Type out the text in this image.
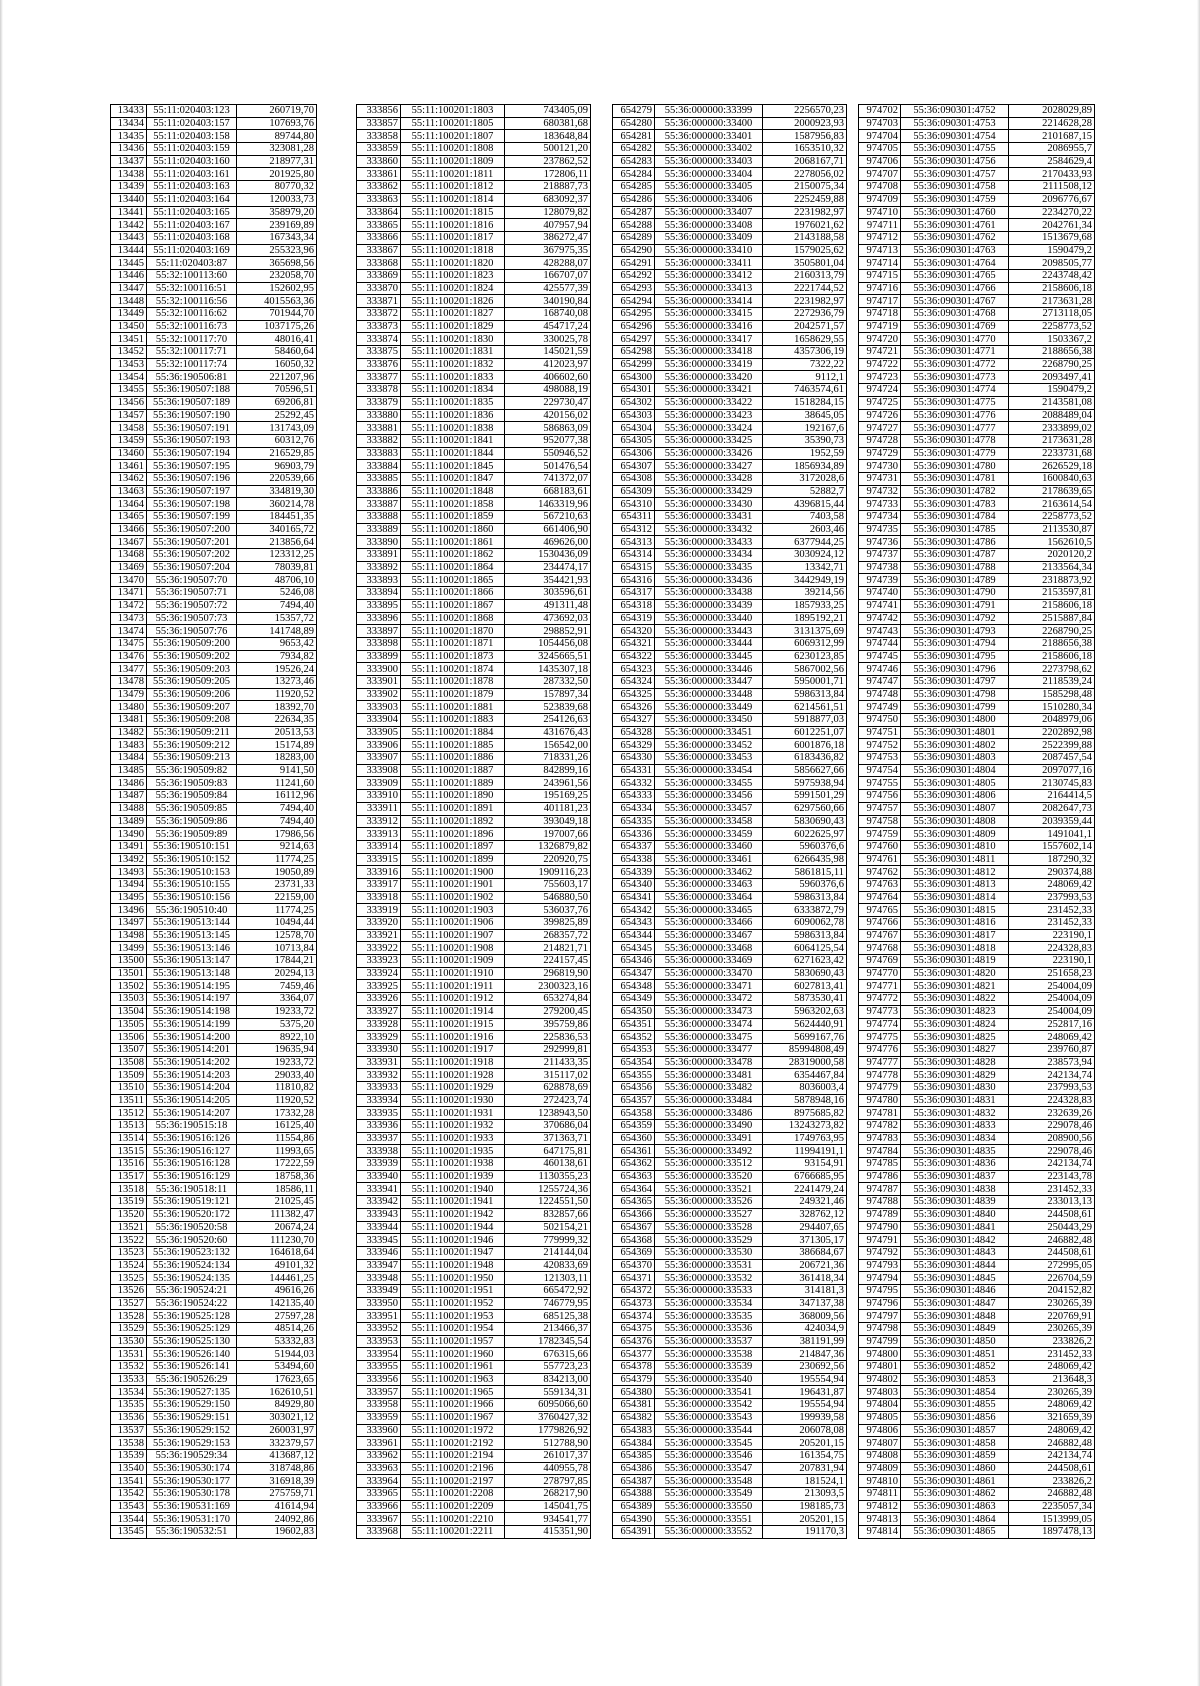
13433	55:11:020403:123	260719,70
13434	55:11:020403:157	107693,76
13435	55:11:020403:158	89744,80
13436	55:11:020403:159	323081,28
13437	55:11:020403:160	218977,31
13438	55:11:020403:161	201925,80
13439	55:11:020403:163	80770,32
13440	55:11:020403:164	120033,73
13441	55:11:020403:165	358979,20
13442	55:11:020403:167	239169,89
13443	55:11:020403:168	167343,34
13444	55:11:020403:169	255323,96
13445	55:11:020403:87	365698,56
13446	55:32:100113:60	232058,70
13447	55:32:100116:51	152602,95
13448	55:32:100116:56	4015563,36
13449	55:32:100116:62	701944,70
13450	55:32:100116:73	1037175,26
13451	55:32:100117:70	48016,41
13452	55:32:100117:71	58460,64
13453	55:32:100117:74	16050,32
13454	55:36:190506:81	221207,96
13455	55:36:190507:188	70596,51
13456	55:36:190507:189	69206,81
13457	55:36:190507:190	25292,45
13458	55:36:190507:191	131743,09
13459	55:36:190507:193	60312,76
13460	55:36:190507:194	216529,85
13461	55:36:190507:195	96903,79
13462	55:36:190507:196	220539,66
13463	55:36:190507:197	334819,30
13464	55:36:190507:198	360214,78
13465	55:36:190507:199	184451,35
13466	55:36:190507:200	340165,72
13467	55:36:190507:201	213856,64
13468	55:36:190507:202	123312,25
13469	55:36:190507:204	78039,81
13470	55:36:190507:70	48706,10
13471	55:36:190507:71	5246,08
13472	55:36:190507:72	7494,40
13473	55:36:190507:73	15357,72
13474	55:36:190507:76	141748,89
13475	55:36:190509:200	9653,42
13476	55:36:190509:202	7934,82
13477	55:36:190509:203	19526,24
13478	55:36:190509:205	13273,46
13479	55:36:190509:206	11920,52
13480	55:36:190509:207	18392,70
13481	55:36:190509:208	22634,35
13482	55:36:190509:211	20513,53
13483	55:36:190509:212	15174,89
13484	55:36:190509:213	18283,00
13485	55:36:190509:82	9141,50
13486	55:36:190509:83	11241,60
13487	55:36:190509:84	16112,96
13488	55:36:190509:85	7494,40
13489	55:36:190509:86	7494,40
13490	55:36:190509:89	17986,56
13491	55:36:190510:151	9214,63
13492	55:36:190510:152	11774,25
13493	55:36:190510:153	19050,89
13494	55:36:190510:155	23731,33
13495	55:36:190510:156	22159,00
13496	55:36:190510:40	11774,25
13497	55:36:190513:144	10494,44
13498	55:36:190513:145	12578,70
13499	55:36:190513:146	10713,84
13500	55:36:190513:147	17844,21
13501	55:36:190513:148	20294,13
13502	55:36:190514:195	7459,46
13503	55:36:190514:197	3364,07
13504	55:36:190514:198	19233,72
13505	55:36:190514:199	5375,20
13506	55:36:190514:200	8922,10
13507	55:36:190514:201	19635,94
13508	55:36:190514:202	19233,72
13509	55:36:190514:203	29033,40
13510	55:36:190514:204	11810,82
13511	55:36:190514:205	11920,52
13512	55:36:190514:207	17332,28
13513	55:36:190515:18	16125,40
13514	55:36:190516:126	11554,86
13515	55:36:190516:127	11993,65
13516	55:36:190516:128	17222,59
13517	55:36:190516:129	18758,36
13518	55:36:190518:11	18586,11
13519	55:36:190519:121	21025,45
13520	55:36:190520:172	111382,47
13521	55:36:190520:58	20674,24
13522	55:36:190520:60	111230,70
13523	55:36:190523:132	164618,64
13524	55:36:190524:134	49101,32
13525	55:36:190524:135	144461,25
13526	55:36:190524:21	49616,26
13527	55:36:190524:22	142135,40
13528	55:36:190525:128	27597,28
13529	55:36:190525:129	48514,26
13530	55:36:190525:130	53332,83
13531	55:36:190526:140	51944,03
13532	55:36:190526:141	53494,60
13533	55:36:190526:29	17623,65
13534	55:36:190527:135	162610,51
13535	55:36:190529:150	84929,80
13536	55:36:190529:151	303021,12
13537	55:36:190529:152	260031,97
13538	55:36:190529:153	332379,57
13539	55:36:190529:34	413687,12
13540	55:36:190530:174	318748,86
13541	55:36:190530:177	316918,39
13542	55:36:190530:178	275759,71
13543	55:36:190531:169	41614,94
13544	55:36:190531:170	24092,86
13545	55:36:190532:51	19602,83
333856	55:11:100201:1803	743405,09
333857	55:11:100201:1805	680381,68
333858	55:11:100201:1807	183648,84
333859	55:11:100201:1808	500121,20
333860	55:11:100201:1809	237862,52
333861	55:11:100201:1811	172806,11
333862	55:11:100201:1812	218887,73
333863	55:11:100201:1814	683092,37
333864	55:11:100201:1815	128079,82
333865	55:11:100201:1816	407957,94
333866	55:11:100201:1817	386272,47
333867	55:11:100201:1818	367975,35
333868	55:11:100201:1820	428288,07
333869	55:11:100201:1823	166707,07
333870	55:11:100201:1824	425577,39
333871	55:11:100201:1826	340190,84
333872	55:11:100201:1827	168740,08
333873	55:11:100201:1829	454717,24
333874	55:11:100201:1830	330025,78
333875	55:11:100201:1831	145021,59
333876	55:11:100201:1832	412023,97
333877	55:11:100201:1833	406602,60
333878	55:11:100201:1834	498088,19
333879	55:11:100201:1835	229730,47
333880	55:11:100201:1836	420156,02
333881	55:11:100201:1838	586863,09
333882	55:11:100201:1841	952077,38
333883	55:11:100201:1844	550946,52
333884	55:11:100201:1845	501476,54
333885	55:11:100201:1847	741372,07
333886	55:11:100201:1848	668183,61
333887	55:11:100201:1858	1463319,96
333888	55:11:100201:1859	567210,63
333889	55:11:100201:1860	661406,90
333890	55:11:100201:1861	469626,00
333891	55:11:100201:1862	1530436,09
333892	55:11:100201:1864	234474,17
333893	55:11:100201:1865	354421,93
333894	55:11:100201:1866	303596,61
333895	55:11:100201:1867	491311,48
333896	55:11:100201:1868	473692,03
333897	55:11:100201:1870	298852,91
333898	55:11:100201:1871	1054456,08
333899	55:11:100201:1873	3245665,51
333900	55:11:100201:1874	1435307,18
333901	55:11:100201:1878	287332,50
333902	55:11:100201:1879	157897,34
333903	55:11:100201:1881	523839,68
333904	55:11:100201:1883	254126,63
333905	55:11:100201:1884	431676,43
333906	55:11:100201:1885	156542,00
333907	55:11:100201:1886	718331,26
333908	55:11:100201:1887	842899,16
333909	55:11:100201:1889	243961,56
333910	55:11:100201:1890	195169,25
333911	55:11:100201:1891	401181,23
333912	55:11:100201:1892	393049,18
333913	55:11:100201:1896	197007,66
333914	55:11:100201:1897	1326879,82
333915	55:11:100201:1899	220920,75
333916	55:11:100201:1900	1909116,23
333917	55:11:100201:1901	755603,17
333918	55:11:100201:1902	546880,50
333919	55:11:100201:1903	536037,76
333920	55:11:100201:1906	399825,89
333921	55:11:100201:1907	268357,72
333922	55:11:100201:1908	214821,71
333923	55:11:100201:1909	224157,45
333924	55:11:100201:1910	296819,90
333925	55:11:100201:1911	2300323,16
333926	55:11:100201:1912	653274,84
333927	55:11:100201:1914	279200,45
333928	55:11:100201:1915	395759,86
333929	55:11:100201:1916	225836,53
333930	55:11:100201:1917	292999,81
333931	55:11:100201:1918	211433,35
333932	55:11:100201:1928	315117,02
333933	55:11:100201:1929	628878,69
333934	55:11:100201:1930	272423,74
333935	55:11:100201:1931	1238943,50
333936	55:11:100201:1932	370686,04
333937	55:11:100201:1933	371363,71
333938	55:11:100201:1935	647175,81
333939	55:11:100201:1938	460138,61
333940	55:11:100201:1939	1130355,23
333941	55:11:100201:1940	1255724,36
333942	55:11:100201:1941	1224551,50
333943	55:11:100201:1942	832857,66
333944	55:11:100201:1944	502154,21
333945	55:11:100201:1946	779999,32
333946	55:11:100201:1947	214144,04
333947	55:11:100201:1948	420833,69
333948	55:11:100201:1950	121303,11
333949	55:11:100201:1951	665472,92
333950	55:11:100201:1952	746779,95
333951	55:11:100201:1953	685125,38
333952	55:11:100201:1954	213466,37
333953	55:11:100201:1957	1782345,54
333954	55:11:100201:1960	676315,66
333955	55:11:100201:1961	557723,23
333956	55:11:100201:1963	834213,00
333957	55:11:100201:1965	559134,31
333958	55:11:100201:1966	6095066,60
333959	55:11:100201:1967	3760427,32
333960	55:11:100201:1972	1779826,92
333961	55:11:100201:2192	512788,90
333962	55:11:100201:2194	261017,37
333963	55:11:100201:2196	440955,78
333964	55:11:100201:2197	278797,85
333965	55:11:100201:2208	268217,90
333966	55:11:100201:2209	145041,75
333967	55:11:100201:2210	934541,77
333968	55:11:100201:2211	415351,90
654279	55:36:000000:33399	2256570,23
654280	55:36:000000:33400	2000923,93
654281	55:36:000000:33401	1587956,83
654282	55:36:000000:33402	1653510,32
654283	55:36:000000:33403	2068167,71
654284	55:36:000000:33404	2278056,02
654285	55:36:000000:33405	2150075,34
654286	55:36:000000:33406	2252459,88
654287	55:36:000000:33407	2231982,97
654288	55:36:000000:33408	1976021,62
654289	55:36:000000:33409	2143188,58
654290	55:36:000000:33410	1579025,62
654291	55:36:000000:33411	3505801,04
654292	55:36:000000:33412	2160313,79
654293	55:36:000000:33413	2221744,52
654294	55:36:000000:33414	2231982,97
654295	55:36:000000:33415	2272936,79
654296	55:36:000000:33416	2042571,57
654297	55:36:000000:33417	1658629,55
654298	55:36:000000:33418	4357306,19
654299	55:36:000000:33419	7322,22
654300	55:36:000000:33420	9112,1
654301	55:36:000000:33421	7463574,61
654302	55:36:000000:33422	1518284,15
654303	55:36:000000:33423	38645,05
654304	55:36:000000:33424	192167,6
654305	55:36:000000:33425	35390,73
654306	55:36:000000:33426	1952,59
654307	55:36:000000:33427	1856934,89
654308	55:36:000000:33428	3172028,6
654309	55:36:000000:33429	52882,7
654310	55:36:000000:33430	4396815,44
654311	55:36:000000:33431	7403,58
654312	55:36:000000:33432	2603,46
654313	55:36:000000:33433	6377944,25
654314	55:36:000000:33434	3030924,12
654315	55:36:000000:33435	13342,71
654316	55:36:000000:33436	3442949,19
654317	55:36:000000:33438	39214,56
654318	55:36:000000:33439	1857933,25
654319	55:36:000000:33440	1895192,21
654320	55:36:000000:33443	3131375,69
654321	55:36:000000:33444	6069312,99
654322	55:36:000000:33445	6230123,85
654323	55:36:000000:33446	5867002,56
654324	55:36:000000:33447	5950001,71
654325	55:36:000000:33448	5986313,84
654326	55:36:000000:33449	6214561,51
654327	55:36:000000:33450	5918877,03
654328	55:36:000000:33451	6012251,07
654329	55:36:000000:33452	6001876,18
654330	55:36:000000:33453	6183436,82
654331	55:36:000000:33454	5856627,66
654332	55:36:000000:33455	5975938,94
654333	55:36:000000:33456	5991501,29
654334	55:36:000000:33457	6297560,66
654335	55:36:000000:33458	5830690,43
654336	55:36:000000:33459	6022625,97
654337	55:36:000000:33460	5960376,6
654338	55:36:000000:33461	6266435,98
654339	55:36:000000:33462	5861815,11
654340	55:36:000000:33463	5960376,6
654341	55:36:000000:33464	5986313,84
654342	55:36:000000:33465	6333872,79
654343	55:36:000000:33466	6090062,78
654344	55:36:000000:33467	5986313,84
654345	55:36:000000:33468	6064125,54
654346	55:36:000000:33469	6271623,42
654347	55:36:000000:33470	5830690,43
654348	55:36:000000:33471	6027813,41
654349	55:36:000000:33472	5873530,41
654350	55:36:000000:33473	5963202,63
654351	55:36:000000:33474	5624440,91
654352	55:36:000000:33475	5699167,76
654353	55:36:000000:33477	85994808,49
654354	55:36:000000:33478	28319000,58
654355	55:36:000000:33481	6354467,84
654356	55:36:000000:33482	8036003,4
654357	55:36:000000:33484	5878948,16
654358	55:36:000000:33486	8975685,82
654359	55:36:000000:33490	13243273,82
654360	55:36:000000:33491	1749763,95
654361	55:36:000000:33492	11994191,1
654362	55:36:000000:33512	93154,91
654363	55:36:000000:33520	6766685,95
654364	55:36:000000:33521	2241479,24
654365	55:36:000000:33526	249321,46
654366	55:36:000000:33527	328762,12
654367	55:36:000000:33528	294407,65
654368	55:36:000000:33529	371305,17
654369	55:36:000000:33530	386684,67
654370	55:36:000000:33531	206721,36
654371	55:36:000000:33532	361418,34
654372	55:36:000000:33533	314181,3
654373	55:36:000000:33534	347137,38
654374	55:36:000000:33535	368009,56
654375	55:36:000000:33536	424034,9
654376	55:36:000000:33537	381191,99
654377	55:36:000000:33538	214847,36
654378	55:36:000000:33539	230692,56
654379	55:36:000000:33540	195554,94
654380	55:36:000000:33541	196431,87
654381	55:36:000000:33542	195554,94
654382	55:36:000000:33543	199939,58
654383	55:36:000000:33544	206078,08
654384	55:36:000000:33545	205201,15
654385	55:36:000000:33546	161354,75
654386	55:36:000000:33547	207831,94
654387	55:36:000000:33548	181524,1
654388	55:36:000000:33549	213093,5
654389	55:36:000000:33550	198185,73
654390	55:36:000000:33551	205201,15
654391	55:36:000000:33552	191170,3
974702	55:36:090301:4752	2028029,89
974703	55:36:090301:4753	2214628,28
974704	55:36:090301:4754	2101687,15
974705	55:36:090301:4755	2086955,7
974706	55:36:090301:4756	2584629,4
974707	55:36:090301:4757	2170433,93
974708	55:36:090301:4758	2111508,12
974709	55:36:090301:4759	2096776,67
974710	55:36:090301:4760	2234270,22
974711	55:36:090301:4761	2042761,34
974712	55:36:090301:4762	1513679,68
974713	55:36:090301:4763	1590479,2
974714	55:36:090301:4764	2098505,77
974715	55:36:090301:4765	2243748,42
974716	55:36:090301:4766	2158606,18
974717	55:36:090301:4767	2173631,28
974718	55:36:090301:4768	2713118,05
974719	55:36:090301:4769	2258773,52
974720	55:36:090301:4770	1503367,2
974721	55:36:090301:4771	2188656,38
974722	55:36:090301:4772	2268790,25
974723	55:36:090301:4773	2093497,41
974724	55:36:090301:4774	1590479,2
974725	55:36:090301:4775	2143581,08
974726	55:36:090301:4776	2088489,04
974727	55:36:090301:4777	2333899,02
974728	55:36:090301:4778	2173631,28
974729	55:36:090301:4779	2233731,68
974730	55:36:090301:4780	2626529,18
974731	55:36:090301:4781	1600840,63
974732	55:36:090301:4782	2178639,65
974733	55:36:090301:4783	2163614,54
974734	55:36:090301:4784	2258773,52
974735	55:36:090301:4785	2113530,87
974736	55:36:090301:4786	1562610,5
974737	55:36:090301:4787	2020120,2
974738	55:36:090301:4788	2133564,34
974739	55:36:090301:4789	2318873,92
974740	55:36:090301:4790	2153597,81
974741	55:36:090301:4791	2158606,18
974742	55:36:090301:4792	2515887,84
974743	55:36:090301:4793	2268790,25
974744	55:36:090301:4794	2188656,38
974745	55:36:090301:4795	2158606,18
974746	55:36:090301:4796	2273798,62
974747	55:36:090301:4797	2118539,24
974748	55:36:090301:4798	1585298,48
974749	55:36:090301:4799	1510280,34
974750	55:36:090301:4800	2048979,06
974751	55:36:090301:4801	2202892,98
974752	55:36:090301:4802	2522399,88
974753	55:36:090301:4803	2087457,54
974754	55:36:090301:4804	2097077,16
974755	55:36:090301:4805	2130745,83
974756	55:36:090301:4806	2164414,5
974757	55:36:090301:4807	2082647,73
974758	55:36:090301:4808	2039359,44
974759	55:36:090301:4809	1491041,1
974760	55:36:090301:4810	1557602,14
974761	55:36:090301:4811	187290,32
974762	55:36:090301:4812	290374,88
974763	55:36:090301:4813	248069,42
974764	55:36:090301:4814	237993,53
974765	55:36:090301:4815	231452,33
974766	55:36:090301:4816	231452,33
974767	55:36:090301:4817	223190,1
974768	55:36:090301:4818	224328,83
974769	55:36:090301:4819	223190,1
974770	55:36:090301:4820	251658,23
974771	55:36:090301:4821	254004,09
974772	55:36:090301:4822	254004,09
974773	55:36:090301:4823	254004,09
974774	55:36:090301:4824	252817,16
974775	55:36:090301:4825	248069,42
974776	55:36:090301:4827	239760,87
974777	55:36:090301:4828	238573,94
974778	55:36:090301:4829	242134,74
974779	55:36:090301:4830	237993,53
974780	55:36:090301:4831	224328,83
974781	55:36:090301:4832	232639,26
974782	55:36:090301:4833	229078,46
974783	55:36:090301:4834	208900,56
974784	55:36:090301:4835	229078,46
974785	55:36:090301:4836	242134,74
974786	55:36:090301:4837	223143,78
974787	55:36:090301:4838	231452,33
974788	55:36:090301:4839	233013,13
974789	55:36:090301:4840	244508,61
974790	55:36:090301:4841	250443,29
974791	55:36:090301:4842	246882,48
974792	55:36:090301:4843	244508,61
974793	55:36:090301:4844	272995,05
974794	55:36:090301:4845	226704,59
974795	55:36:090301:4846	204152,82
974796	55:36:090301:4847	230265,39
974797	55:36:090301:4848	220769,91
974798	55:36:090301:4849	230265,39
974799	55:36:090301:4850	233826,2
974800	55:36:090301:4851	231452,33
974801	55:36:090301:4852	248069,42
974802	55:36:090301:4853	213648,3
974803	55:36:090301:4854	230265,39
974804	55:36:090301:4855	248069,42
974805	55:36:090301:4856	321659,39
974806	55:36:090301:4857	248069,42
974807	55:36:090301:4858	246882,48
974808	55:36:090301:4859	242134,74
974809	55:36:090301:4860	244508,61
974810	55:36:090301:4861	233826,2
974811	55:36:090301:4862	246882,48
974812	55:36:090301:4863	2235057,34
974813	55:36:090301:4864	1513999,05
974814	55:36:090301:4865	1897478,13
